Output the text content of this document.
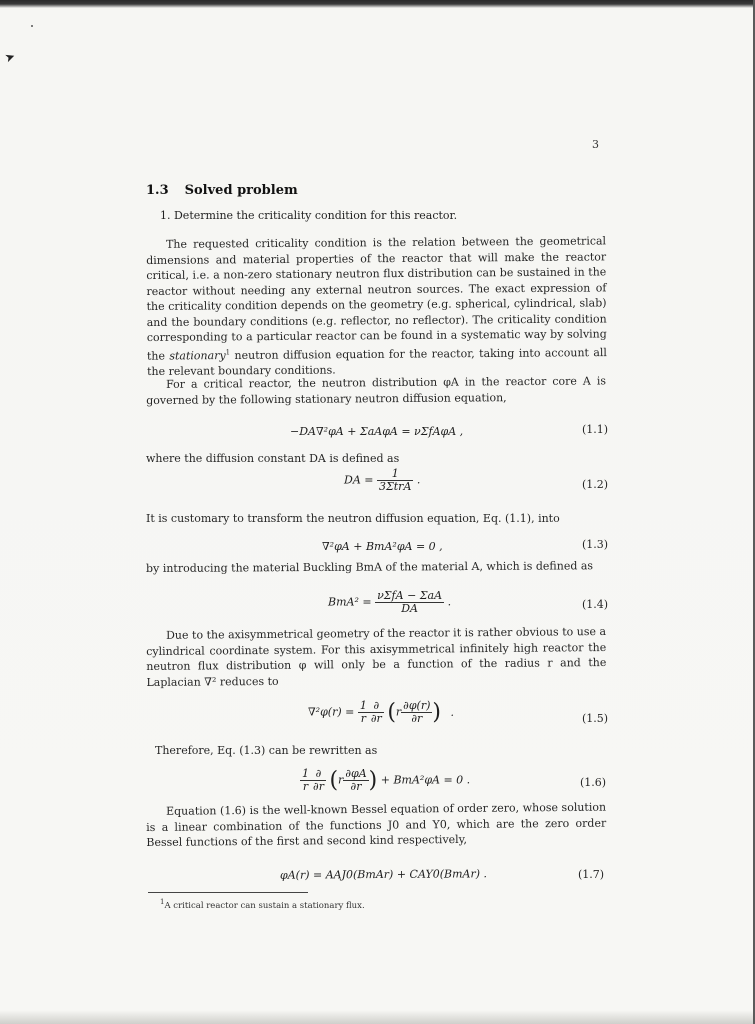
➤
3
1.3 Solved problem
1. Determine the criticality condition for this reactor.
The requested criticality condition is the relation between the geometrical dimensions and material properties of the reactor that will make the reactor critical, i.e. a non-zero stationary neutron flux distribution can be sustained in the reactor without needing any external neutron sources. The exact expression of the criticality condition depends on the geometry (e.g. spherical, cylindrical, slab) and the boundary conditions (e.g. reflector, no reflector). The criticality condition corresponding to a particular reactor can be found in a systematic way by solving the stationary$^1$ neutron diffusion equation for the reactor, taking into account all the relevant boundary conditions.
For a critical reactor, the neutron distribution φA in the reactor core A is governed by the following stationary neutron diffusion equation,
−DA∇²φA + ΣaAφA = νΣfAφA ,	(1.1)
where the diffusion constant DA is defined as
DA = $\frac{1}{\text{3ΣtrA}}$ .	(1.2)
It is customary to transform the neutron diffusion equation, Eq. (1.1), into
∇²φA + BmA²φA = 0 ,	(1.3)
by introducing the material Buckling BmA of the material A, which is defined as
$BmA^2 = \frac{\text{νΣfA − ΣaA}}{DA}$ .	(1.4)
Due to the axisymmetrical geometry of the reactor it is rather obvious to use a cylindrical coordinate system. For this axisymmetrical infinitely high reactor the neutron flux distribution φ will only be a function of the radius r and the Laplacian ∇² reduces to
$\nabla^2\varphi(r) = \frac{1}{r} \frac{\partial}{\partial r} (r \frac{\partial\varphi(r)}{\partial r}$ ) .	(1.5)
Therefore, Eq. (1.3) can be rewritten as
$\frac{1}{r} \frac{\partial}{\partial r} (r \frac{\partial\varphi A}{\partial r}$ ) + BmA²φA = 0 .	(1.6)
Equation (1.6) is the well-known Bessel equation of order zero, whose solution is a linear combination of the functions J0 and Y0, which are the zero order Bessel functions of the first and second kind respectively,
φA(r) = AAJ0(BmAr) + CAY0(BmAr) .	(1.7)
$^1$A critical reactor can sustain a stationary flux.
